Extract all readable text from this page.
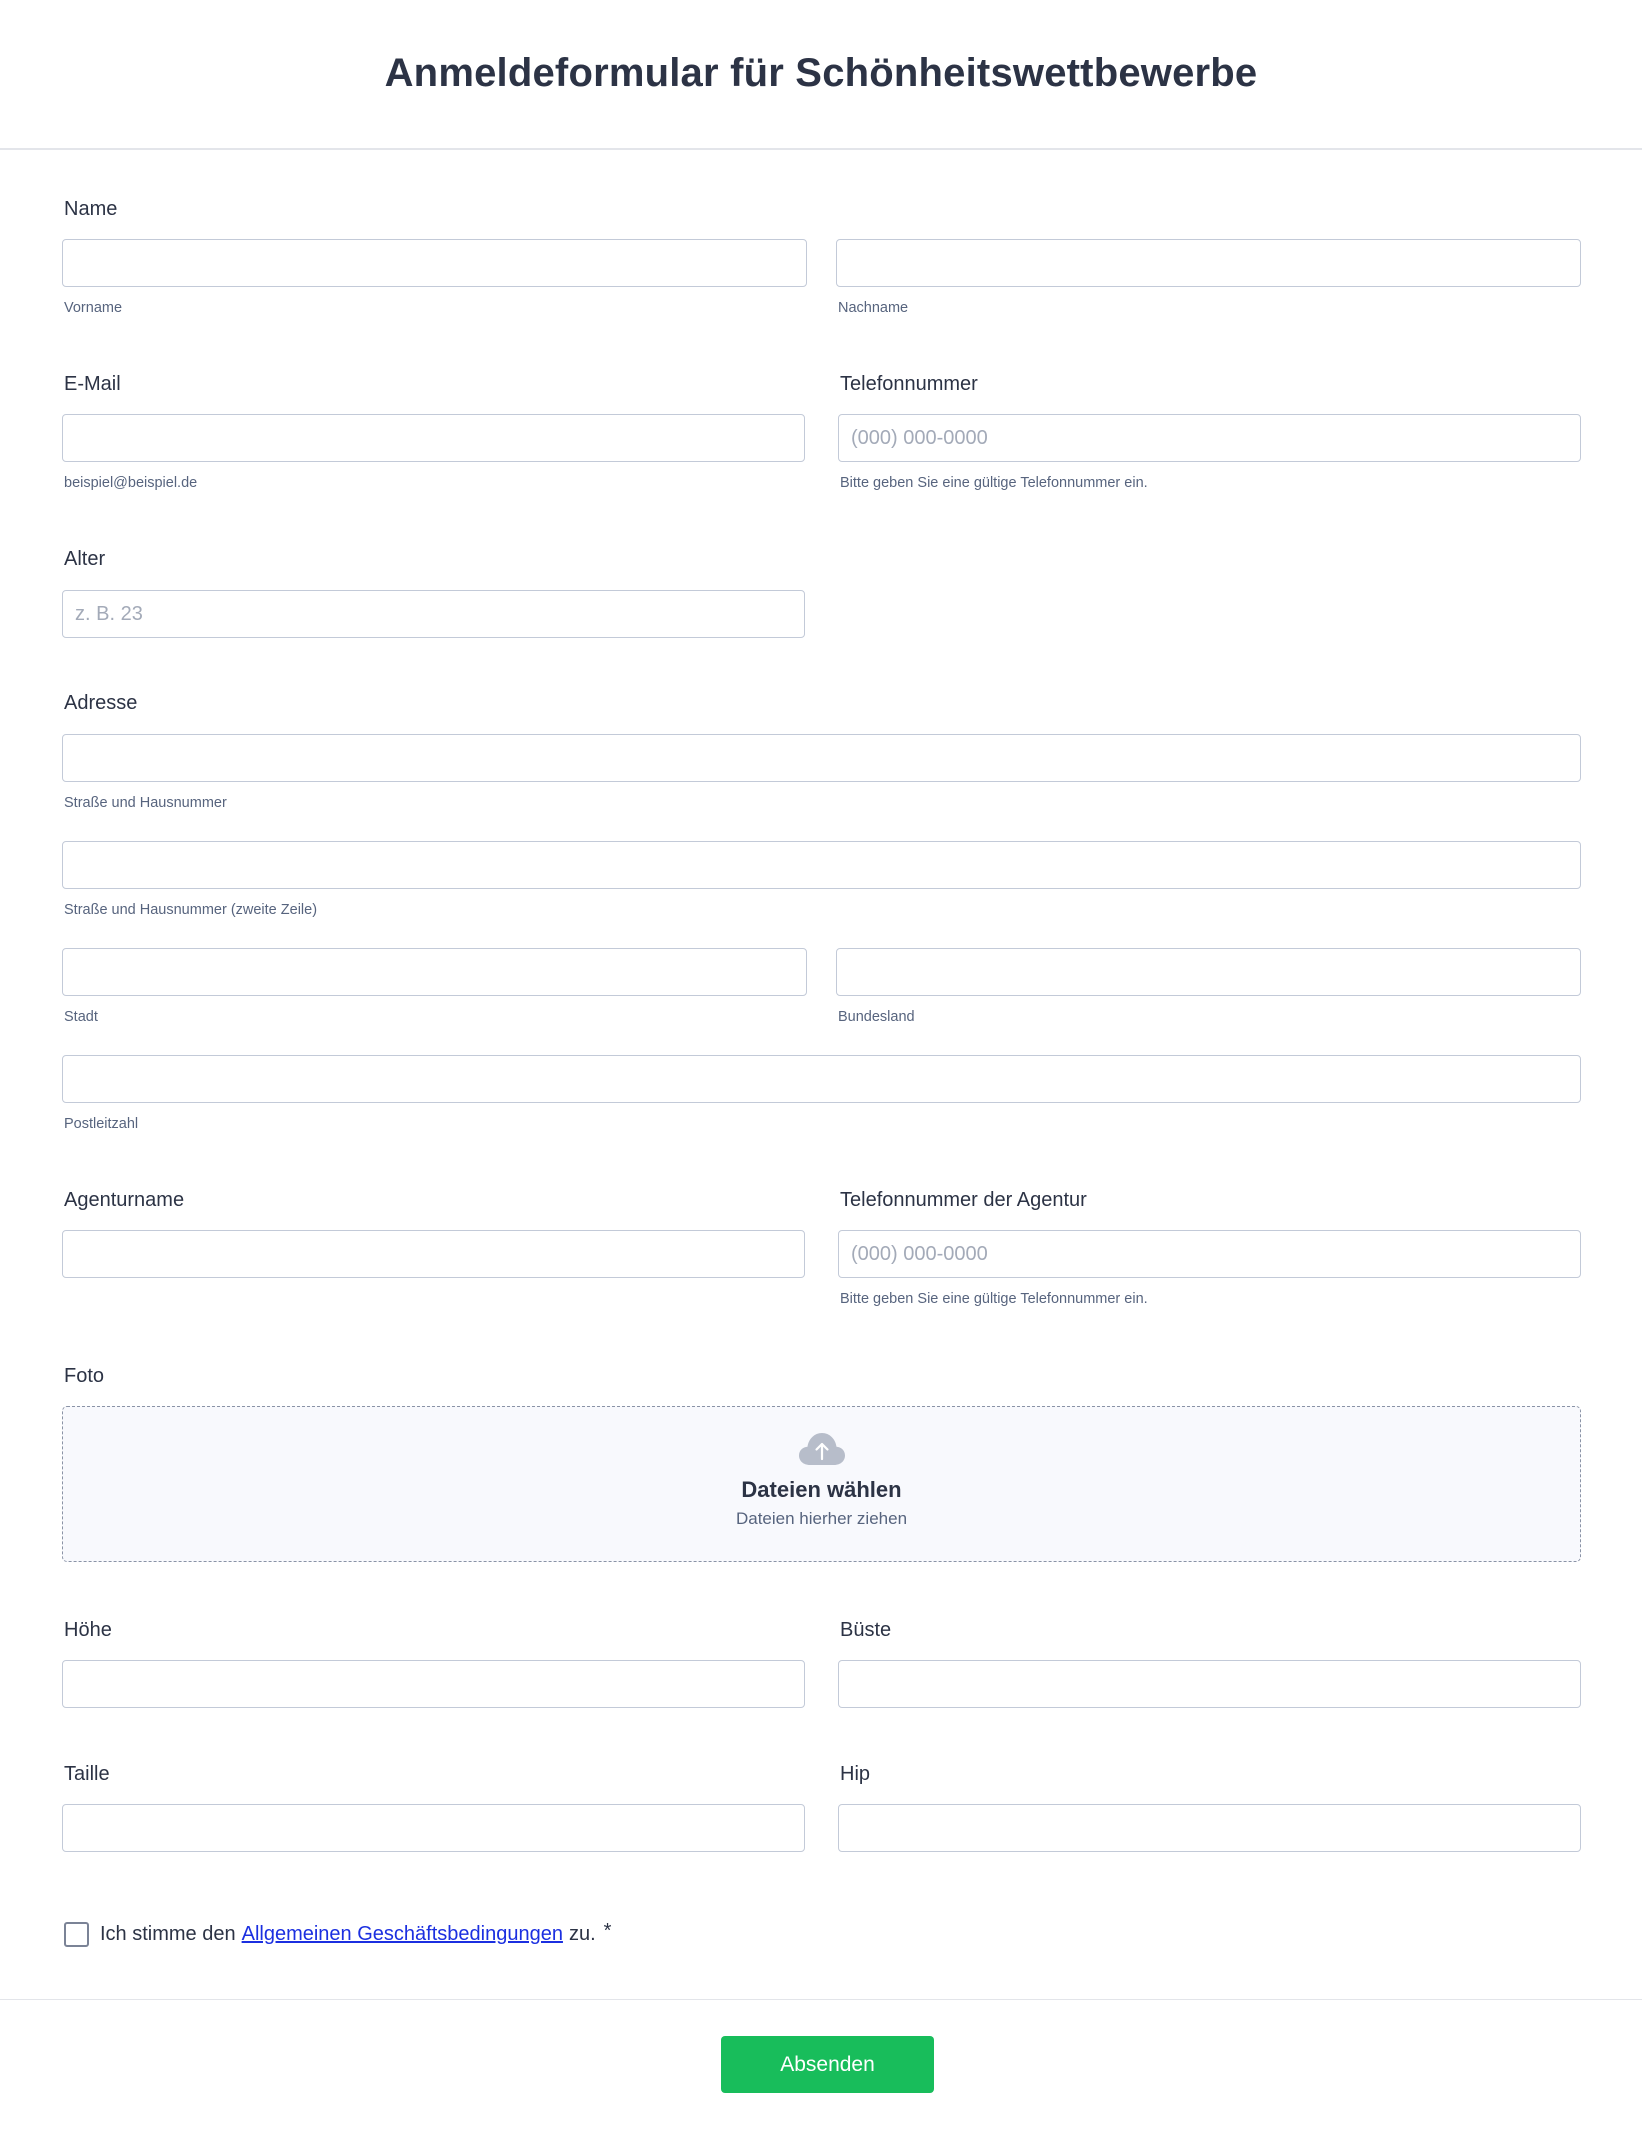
Anmeldeformular für Schönheitswettbewerbe
Name
Vorname	Nachname
E-Mail
beispiel@beispiel.de
Telefonnummer
(000) 000-0000
Bitte geben Sie eine gültige Telefonnummer ein.
Alter
z. B. 23
Adresse
Straße und Hausnummer
Straße und Hausnummer (zweite Zeile)
Stadt	Bundesland
Postleitzahl
Agenturname	Telefonnummer der Agentur
(000) 000-0000
Bitte geben Sie eine gültige Telefonnummer ein.
Foto
Dateien wählen
Dateien hierher ziehen
Höhe	Büste
Taille	Hip
Ich stimme den Allgemeinen Geschäftsbedingungen zu. *
Absenden
